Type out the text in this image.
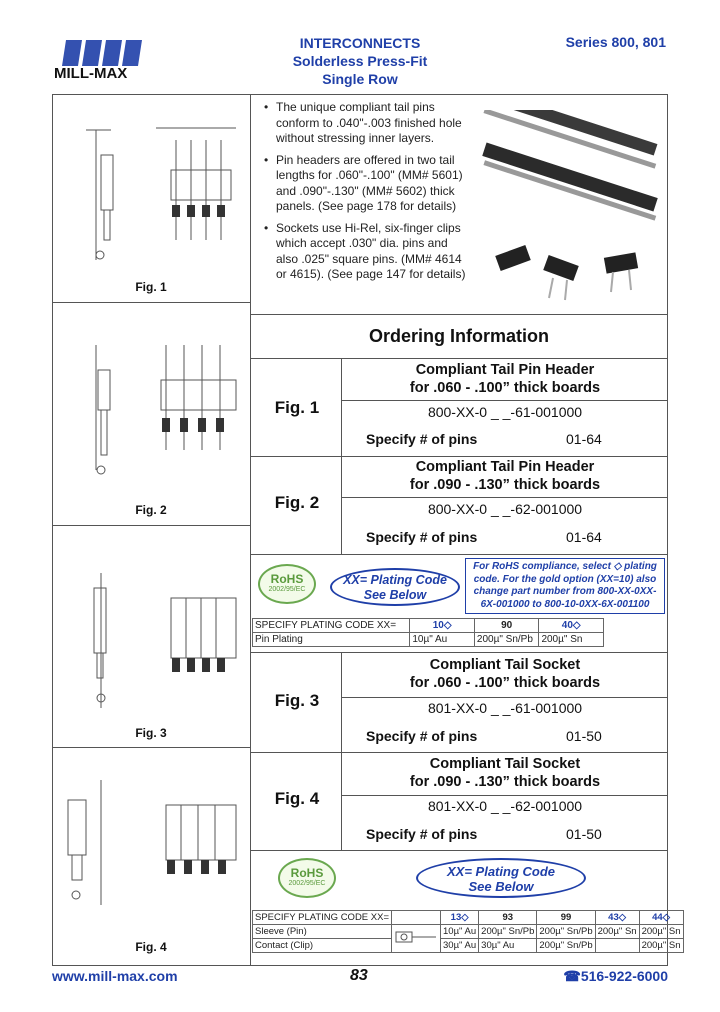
MILL-MAX
INTERCONNECTS
Solderless Press-Fit
Single Row
Series 800, 801
Fig. 1
Fig. 2
Fig. 3
Fig. 4
• The unique compliant tail pins conform to .040"-.003 finished hole without stressing inner layers.
• Pin headers are offered in two tail lengths for .060"-.100" (MM# 5601) and .090"-.130" (MM# 5602) thick panels. (See page 178 for details)
• Sockets use Hi-Rel, six-finger clips which accept .030" dia. pins and also .025" square pins. (MM# 4614 or 4615). (See page 147 for details)
Ordering Information
Fig. 1
Compliant Tail Pin Header
for .060 - .100” thick boards
800-XX-0 _ _-61-001000
Specify # of pins	01-64
Fig. 2
Compliant Tail Pin Header
for .090 - .130” thick boards
800-XX-0 _ _-62-001000
Specify # of pins	01-64
RoHS
2002/95/EC
XX= Plating Code
See Below
For RoHS compliance, select ◇ plating code. For the gold option (XX=10) also change part number from 800-XX-0XX-6X-001000 to 800-10-0XX-6X-001100
SPECIFY PLATING CODE XX=	10◇	90	40◇
Pin Plating	10µ" Au	200µ" Sn/Pb	200µ" Sn
Fig. 3
Compliant Tail Socket
for .060 - .100” thick boards
801-XX-0 _ _-61-001000
Specify # of pins	01-50
Fig. 4
Compliant Tail Socket
for .090 - .130” thick boards
801-XX-0 _ _-62-001000
Specify # of pins	01-50
RoHS
2002/95/EC
XX= Plating Code
See Below
SPECIFY PLATING CODE XX=		13◇	93	99	43◇	44◇
Sleeve (Pin)		10µ" Au	200µ" Sn/Pb	200µ" Sn/Pb	200µ" Sn	200µ" Sn
Contact (Clip)		30µ" Au	30µ" Au	200µ" Sn/Pb		200µ" Sn
www.mill-max.com	83	☎516-922-6000
